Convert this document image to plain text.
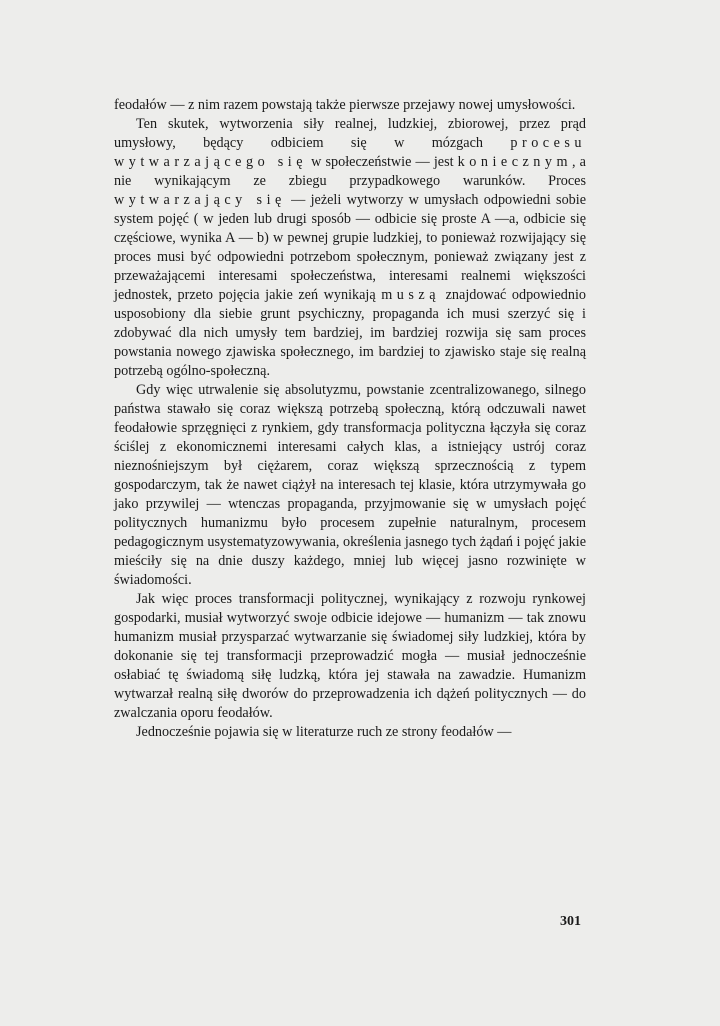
feodałów — z nim razem powstają także pierwsze przejawy nowej umysłowości.

Ten skutek, wytworzenia siły realnej, ludzkiej, zbiorowej, przez prąd umysłowy, będący odbiciem się w mózgach procesu wytwarzającego się w społeczeństwie — jest koniecznym, a nie wynikającym ze zbiegu przypadkowego warunków. Proces wytwarzający się — jeżeli wytworzy w umysłach odpowiedni sobie system pojęć ( w jeden lub drugi sposób — odbicie się proste A —a, odbicie się częściowe, wynika A — b) w pewnej grupie ludzkiej, to ponieważ rozwijający się proces musi być odpowiedni potrzebom społecznym, ponieważ związany jest z przeważającemi interesami społeczeństwa, interesami realnemi większości jednostek, przeto pojęcia jakie zeń wynikają muszą znajdować odpowiednio usposobiony dla siebie grunt psychiczny, propaganda ich musi szerzyć się i zdobywać dla nich umysły tem bardziej, im bardziej rozwija się sam proces powstania nowego zjawiska społecznego, im bardziej to zjawisko staje się realną potrzebą ogólno-społeczną.

Gdy więc utrwalenie się absolutyzmu, powstanie zcentralizowanego, silnego państwa stawało się coraz większą potrzebą społeczną, którą odczuwali nawet feodałowie sprzęgnięci z rynkiem, gdy transformacja polityczna łączyła się coraz ściślej z ekonomicznemi interesami całych klas, a istniejący ustrój coraz nieznośniejszym był ciężarem, coraz większą sprzecznością z typem gospodarczym, tak że nawet ciążył na interesach tej klasie, która utrzymywała go jako przywilej — wtenczas propaganda, przyjmowanie się w umysłach pojęć politycznych humanizmu było procesem zupełnie naturalnym, procesem pedagogicznym usystematyzowywania, określenia jasnego tych żądań i pojęć jakie mieściły się na dnie duszy każdego, mniej lub więcej jasno rozwinięte w świadomości.

Jak więc proces transformacji politycznej, wynikający z rozwoju rynkowej gospodarki, musiał wytworzyć swoje odbicie idejowe — humanizm — tak znowu humanizm musiał przysparzać wytwarzanie się świadomej siły ludzkiej, która by dokonanie się tej transformacji przeprowadzić mogła — musiał jednocześnie osłabiać tę świadomą siłę ludzką, która jej stawała na zawadzie. Humanizm wytwarzał realną siłę dworów do przeprowadzenia ich dążeń politycznych — do zwalczania oporu feodałów.

Jednocześnie pojawia się w literaturze ruch ze strony feodałów —

301
